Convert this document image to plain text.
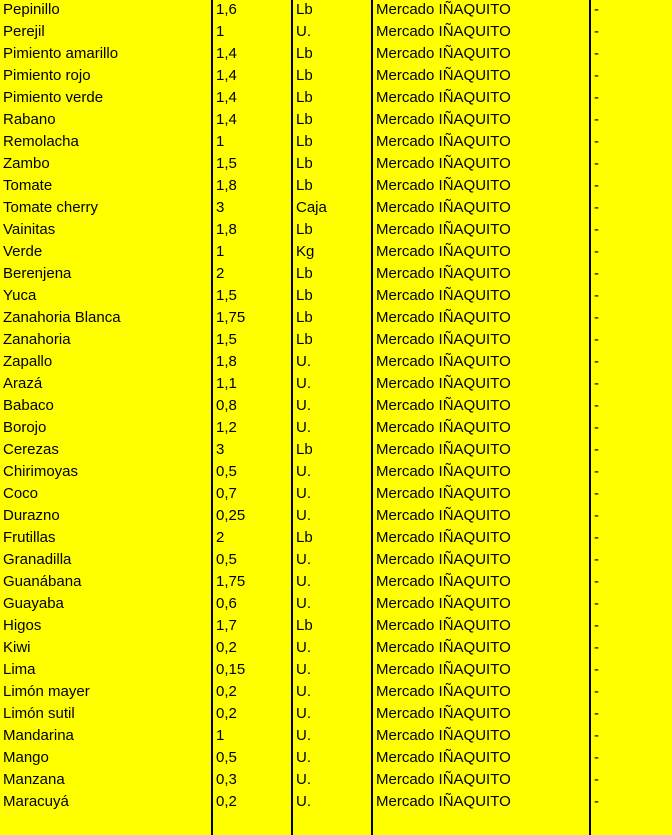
Pepinillo	1,6	Lb	Mercado IÑAQUITO	-
Perejil	1	U.	Mercado IÑAQUITO	-
Pimiento amarillo	1,4	Lb	Mercado IÑAQUITO	-
Pimiento rojo	1,4	Lb	Mercado IÑAQUITO	-
Pimiento verde	1,4	Lb	Mercado IÑAQUITO	-
Rabano	1,4	Lb	Mercado IÑAQUITO	-
Remolacha	1	Lb	Mercado IÑAQUITO	-
Zambo	1,5	Lb	Mercado IÑAQUITO	-
Tomate	1,8	Lb	Mercado IÑAQUITO	-
Tomate cherry	3	Caja	Mercado IÑAQUITO	-
Vainitas	1,8	Lb	Mercado IÑAQUITO	-
Verde	1	Kg	Mercado IÑAQUITO	-
Berenjena	2	Lb	Mercado IÑAQUITO	-
Yuca	1,5	Lb	Mercado IÑAQUITO	-
Zanahoria Blanca	1,75	Lb	Mercado IÑAQUITO	-
Zanahoria	1,5	Lb	Mercado IÑAQUITO	-
Zapallo	1,8	U.	Mercado IÑAQUITO	-
Arazá	1,1	U.	Mercado IÑAQUITO	-
Babaco	0,8	U.	Mercado IÑAQUITO	-
Borojo	1,2	U.	Mercado IÑAQUITO	-
Cerezas	3	Lb	Mercado IÑAQUITO	-
Chirimoyas	0,5	U.	Mercado IÑAQUITO	-
Coco	0,7	U.	Mercado IÑAQUITO	-
Durazno	0,25	U.	Mercado IÑAQUITO	-
Frutillas	2	Lb	Mercado IÑAQUITO	-
Granadilla	0,5	U.	Mercado IÑAQUITO	-
Guanábana	1,75	U.	Mercado IÑAQUITO	-
Guayaba	0,6	U.	Mercado IÑAQUITO	-
Higos	1,7	Lb	Mercado IÑAQUITO	-
Kiwi	0,2	U.	Mercado IÑAQUITO	-
Lima	0,15	U.	Mercado IÑAQUITO	-
Limón mayer	0,2	U.	Mercado IÑAQUITO	-
Limón sutil	0,2	U.	Mercado IÑAQUITO	-
Mandarina	1	U.	Mercado IÑAQUITO	-
Mango	0,5	U.	Mercado IÑAQUITO	-
Manzana	0,3	U.	Mercado IÑAQUITO	-
Maracuyá	0,2	U.	Mercado IÑAQUITO	-
